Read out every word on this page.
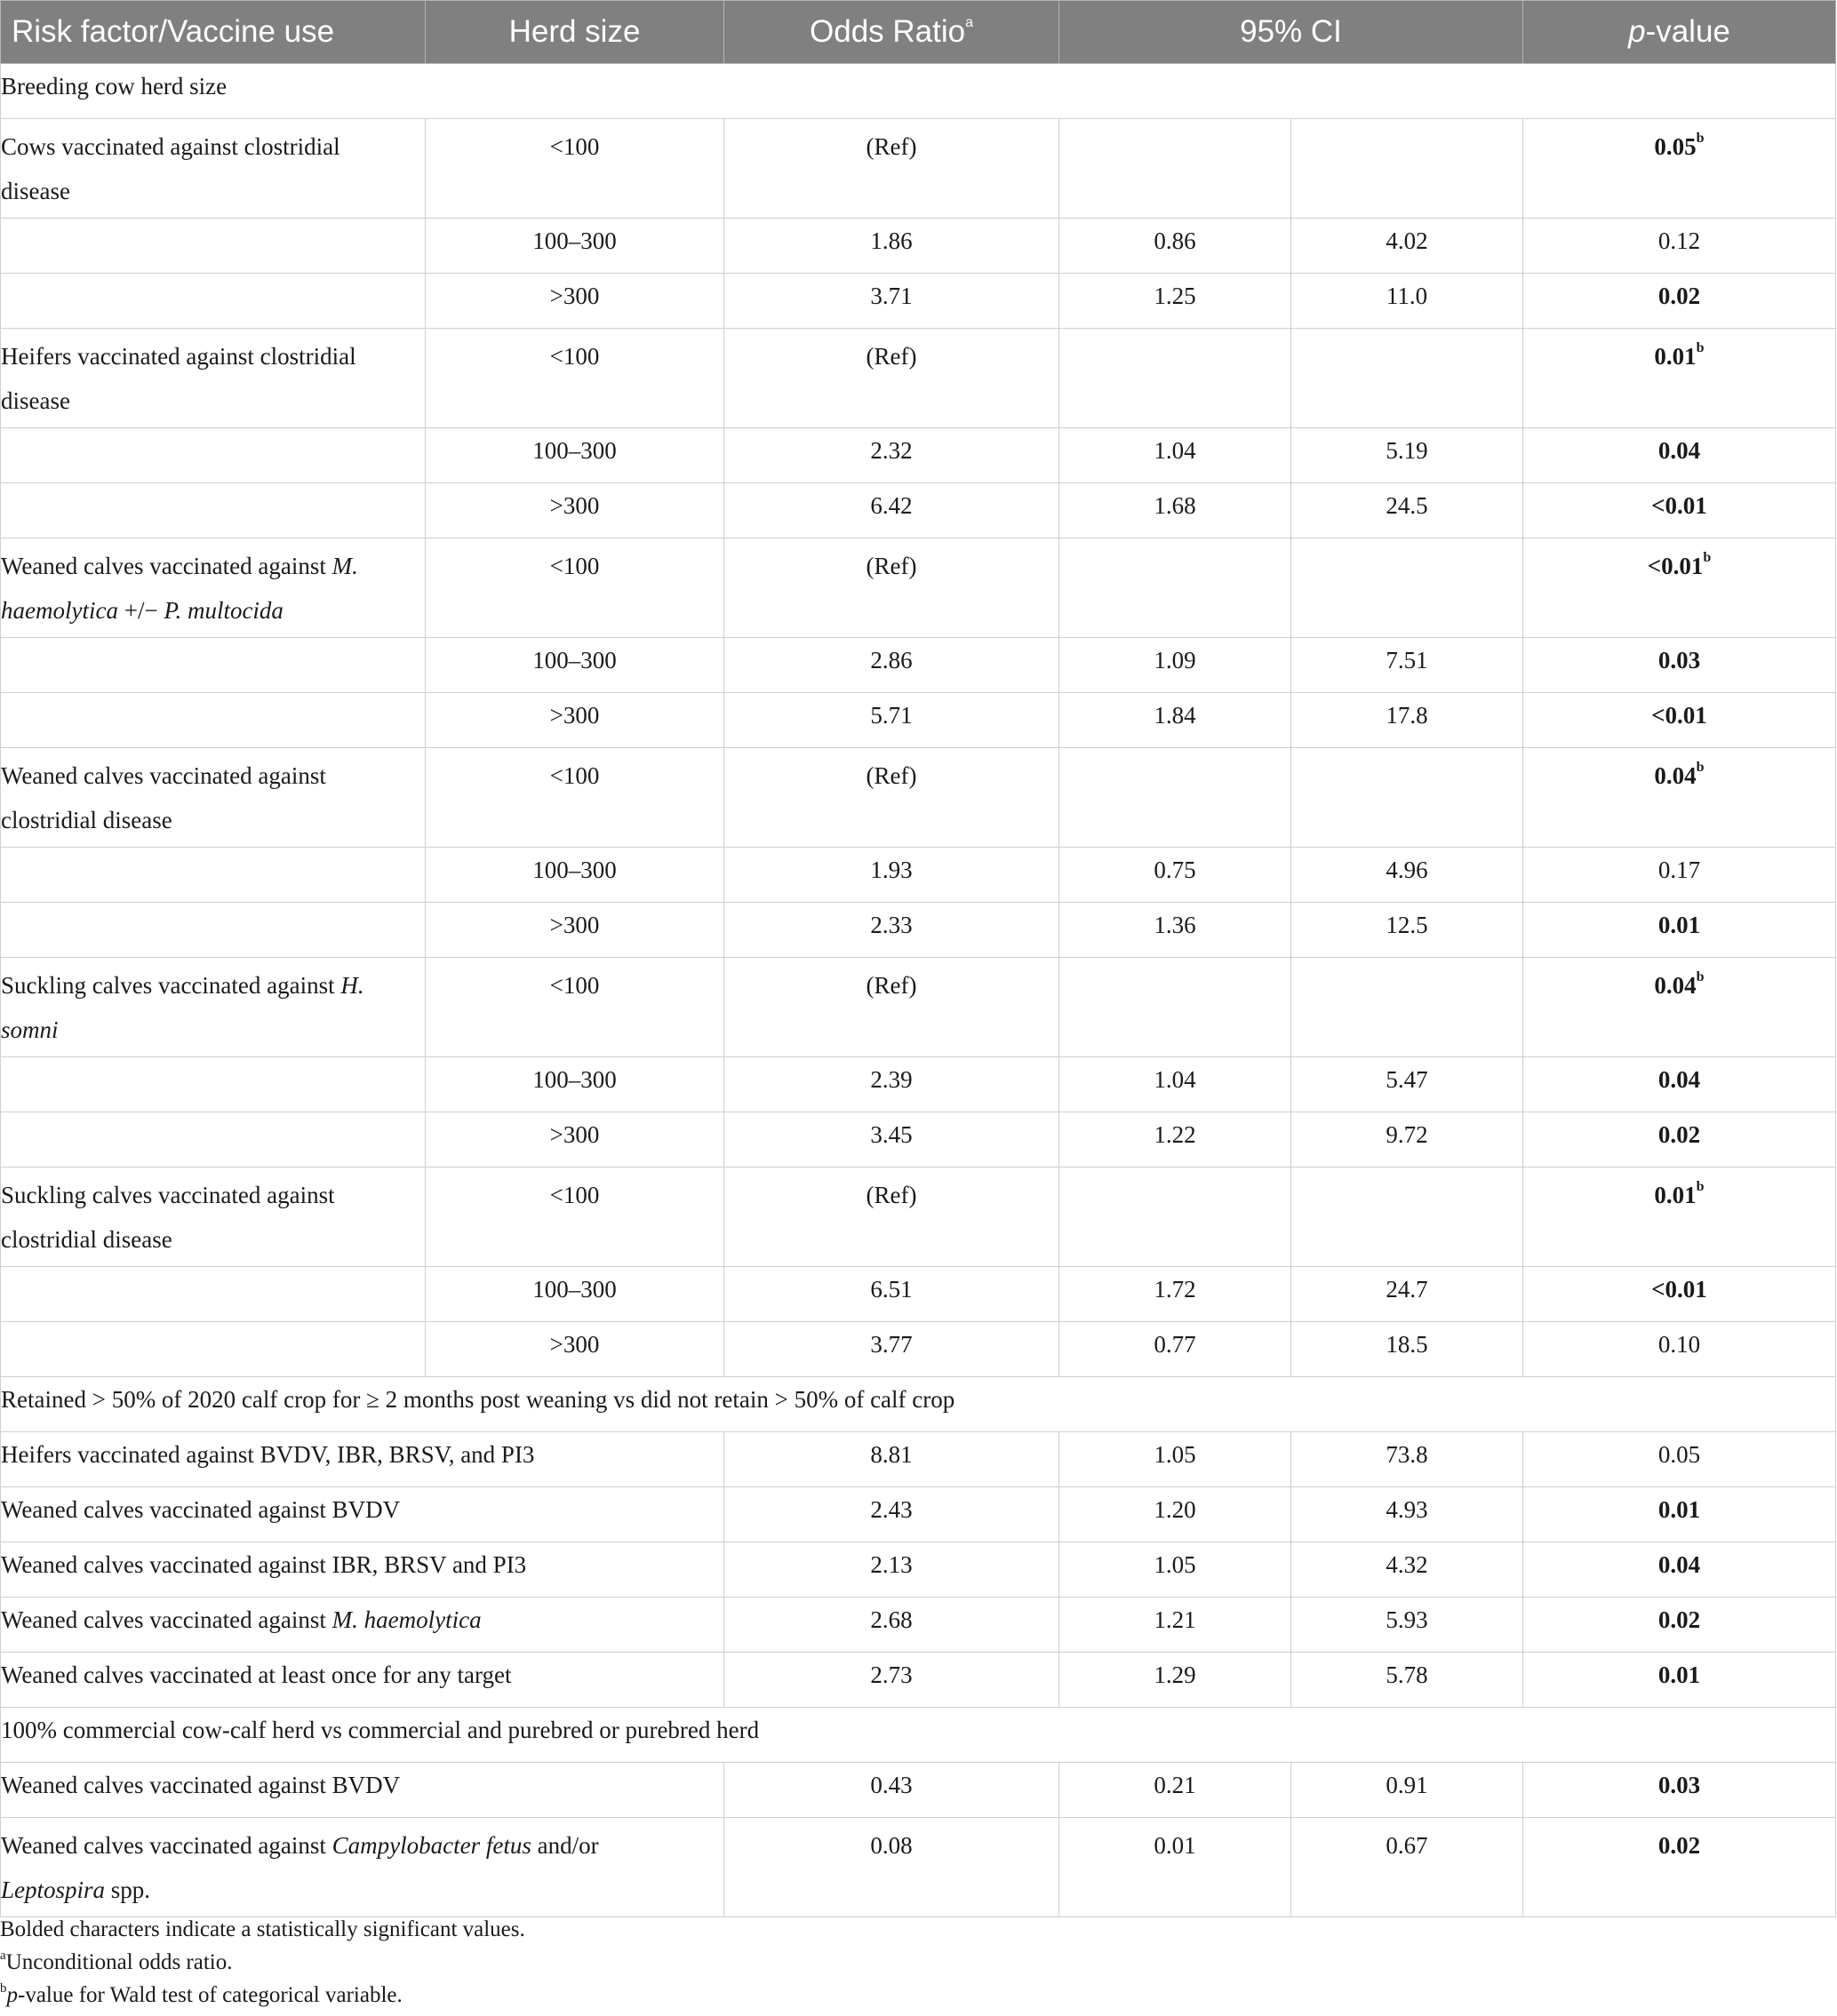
Risk factor/Vaccine use	Herd size	Odds Ratio$^a$	95% CI		p-value
Breeding cow herd size					

Cows vaccinated against clostridial
disease	<100	(Ref)			0.05$^b$

	100–300	1.86	0.86	4.02	0.12
	>300	3.71	1.25	11.0	0.02

Heifers vaccinated against clostridial
disease	<100	(Ref)			0.01$^b$

	100–300	2.32	1.04	5.19	0.04
	>300	6.42	1.68	24.5	<0.01

Weaned calves vaccinated against M.
haemolytica +/− P. multocida	<100	(Ref)			<0.01$^b$

	100–300	2.86	1.09	7.51	0.03
	>300	5.71	1.84	17.8	<0.01

Weaned calves vaccinated against
clostridial disease	<100	(Ref)			0.04$^b$

	100–300	1.93	0.75	4.96	0.17
	>300	2.33	1.36	12.5	0.01

Suckling calves vaccinated against H.
somni	<100	(Ref)			0.04$^b$

	100–300	2.39	1.04	5.47	0.04
	>300	3.45	1.22	9.72	0.02

Suckling calves vaccinated against
clostridial disease	<100	(Ref)			0.01$^b$

	100–300	6.51	1.72	24.7	<0.01
	>300	3.77	0.77	18.5	0.10
Retained > 50% of 2020 calf crop for ≥ 2 months post weaning vs did not retain > 50% of calf crop					
Heifers vaccinated against BVDV, IBR, BRSV, and PI3		8.81	1.05	73.8	0.05
Weaned calves vaccinated against BVDV		2.43	1.20	4.93	0.01
Weaned calves vaccinated against IBR, BRSV and PI3		2.13	1.05	4.32	0.04
Weaned calves vaccinated against M. haemolytica		2.68	1.21	5.93	0.02
Weaned calves vaccinated at least once for any target		2.73	1.29	5.78	0.01
100% commercial cow-calf herd vs commercial and purebred or purebred herd					
Weaned calves vaccinated against BVDV		0.43	0.21	0.91	0.03

Weaned calves vaccinated against Campylobacter fetus and/or
Leptospira spp.		0.08	0.01	0.67	0.02
Bolded characters indicate a statistically significant values.
$^a$Unconditional odds ratio.
$^b$p-value for Wald test of categorical variable.
